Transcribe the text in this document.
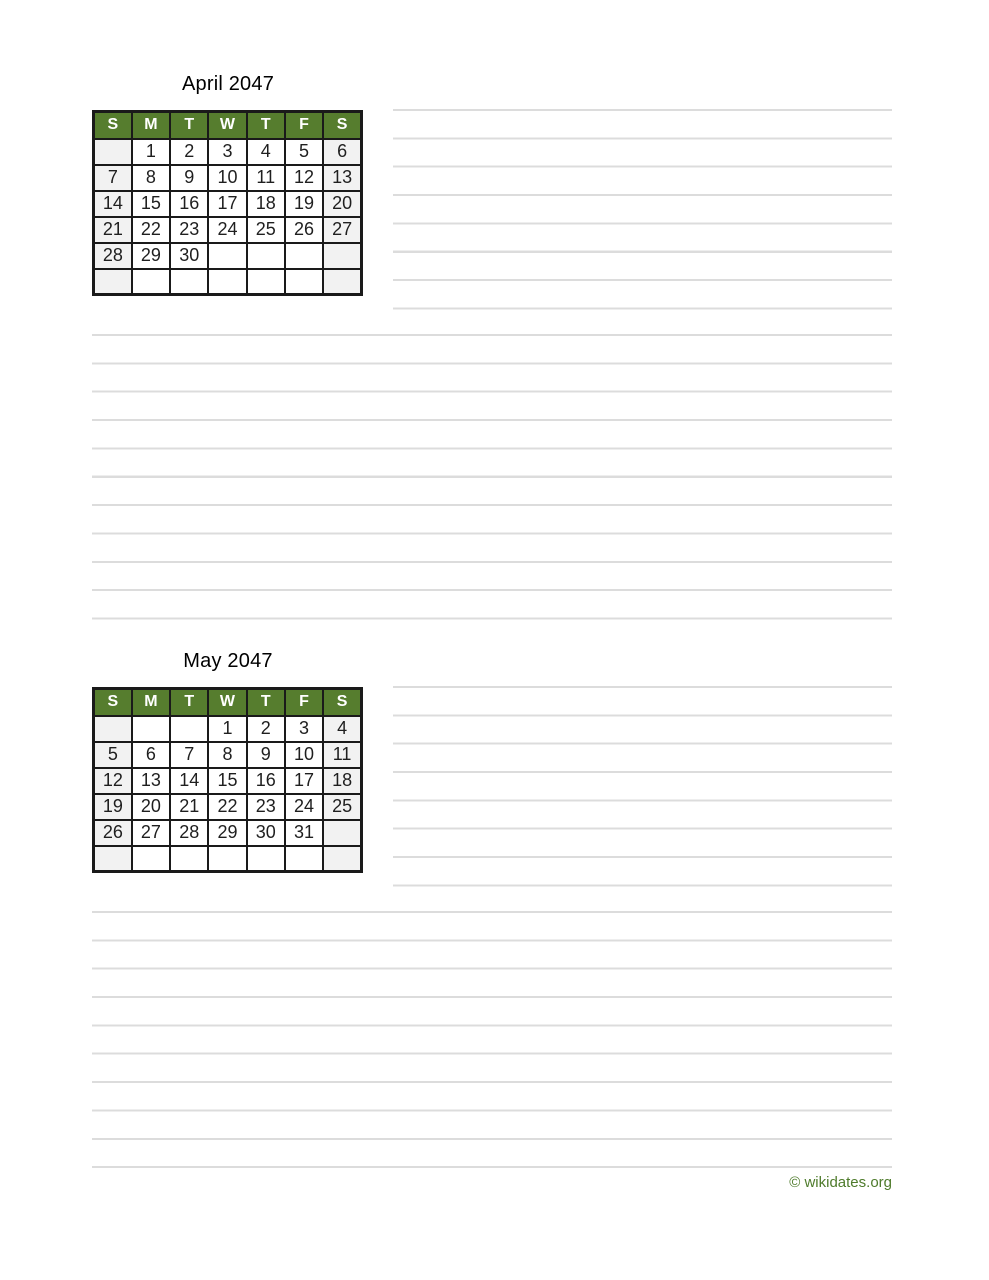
April 2047
S	M	T	W	T	F	S
	1	2	3	4	5	6
7	8	9	10	11	12	13
14	15	16	17	18	19	20
21	22	23	24	25	26	27
28	29	30				

May 2047
S	M	T	W	T	F	S
			1	2	3	4
5	6	7	8	9	10	11
12	13	14	15	16	17	18
19	20	21	22	23	24	25
26	27	28	29	30	31	

© wikidates.org
